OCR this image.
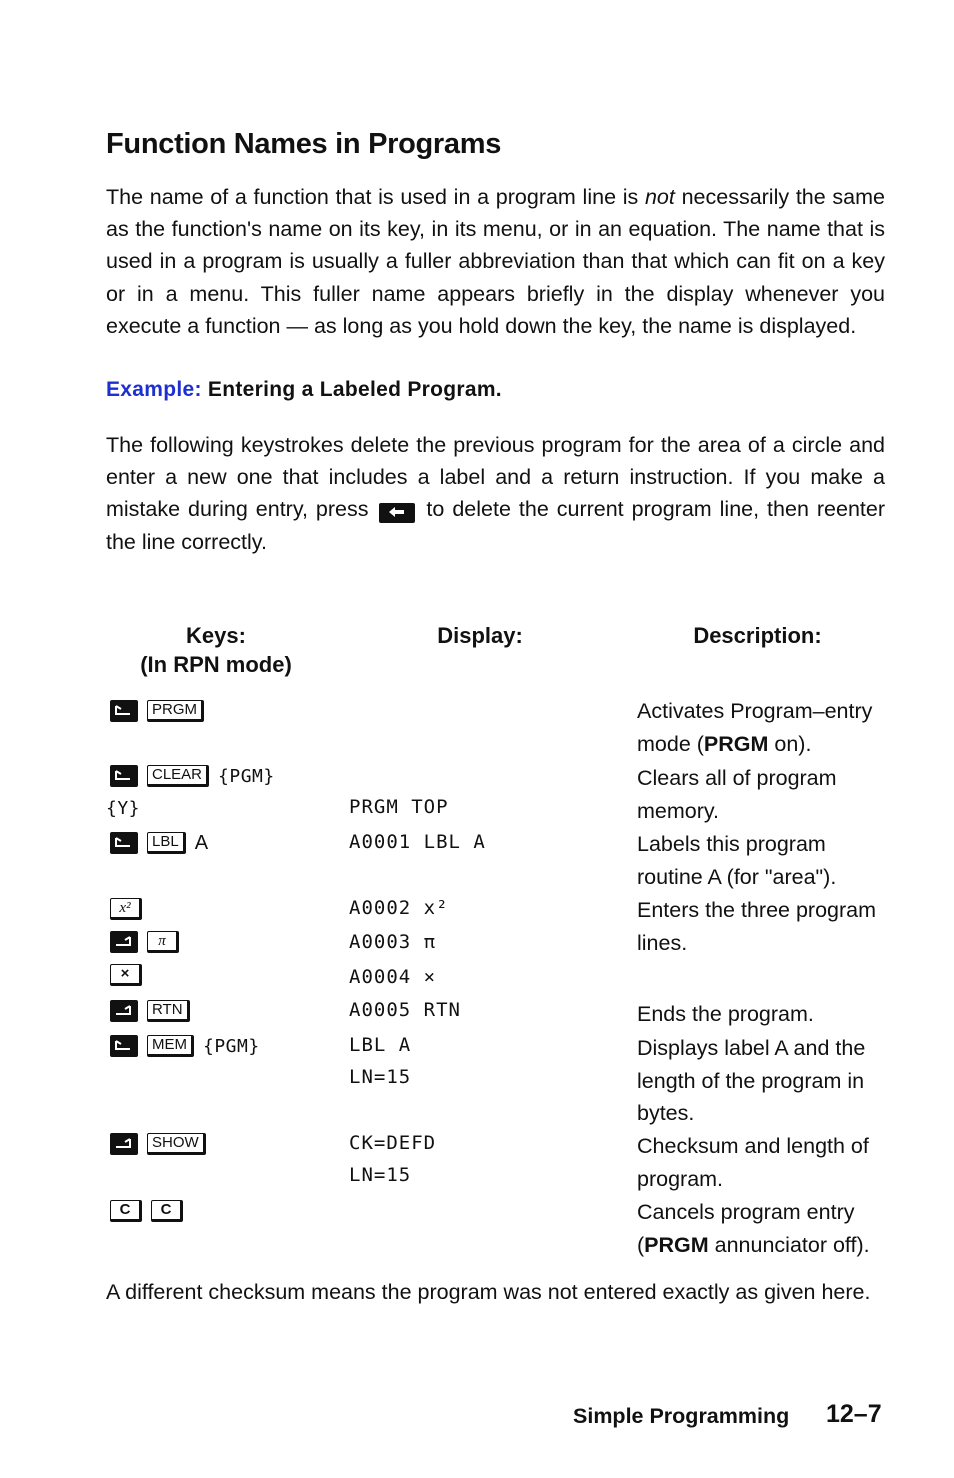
Function Names in Programs

The name of a function that is used in a program line is not necessarily the same as the function's name on its key, in its menu, or in an equation. The name that is used in a program is usually a fuller abbreviation than that which can fit on a key or in a menu. This fuller name appears briefly in the display whenever you execute a function — as long as you hold down the key, the name is displayed.

Example: Entering a Labeled Program.

The following keystrokes delete the previous program for the area of a circle and enter a new one that includes a label and a return instruction. If you make a mistake during entry, press
to delete the current program line, then reenter the line correctly.

Keys:
(In RPN mode)
Display:	Description:
PRGM
CLEAR {PGM}
{Y}
LBL A
x²
π
×
RTN
MEM {PGM}
SHOW
C	C
PRGM TOP
A0001 LBL A
A0002 x²
A0003 π
A0004 ×
A0005 RTN
LBL A
LN=15
CK=DEFD
LN=15
Activates Program–entry
mode (PRGM on).
Clears all of program memory.
Labels this program routine A (for "area").
Enters the three program lines.
Ends the program.
Displays label A and the length of the program in bytes.
Checksum and length of program.
Cancels program entry
(PRGM annunciator off).

A different checksum means the program was not entered exactly as given here.

Simple Programming 12–7
